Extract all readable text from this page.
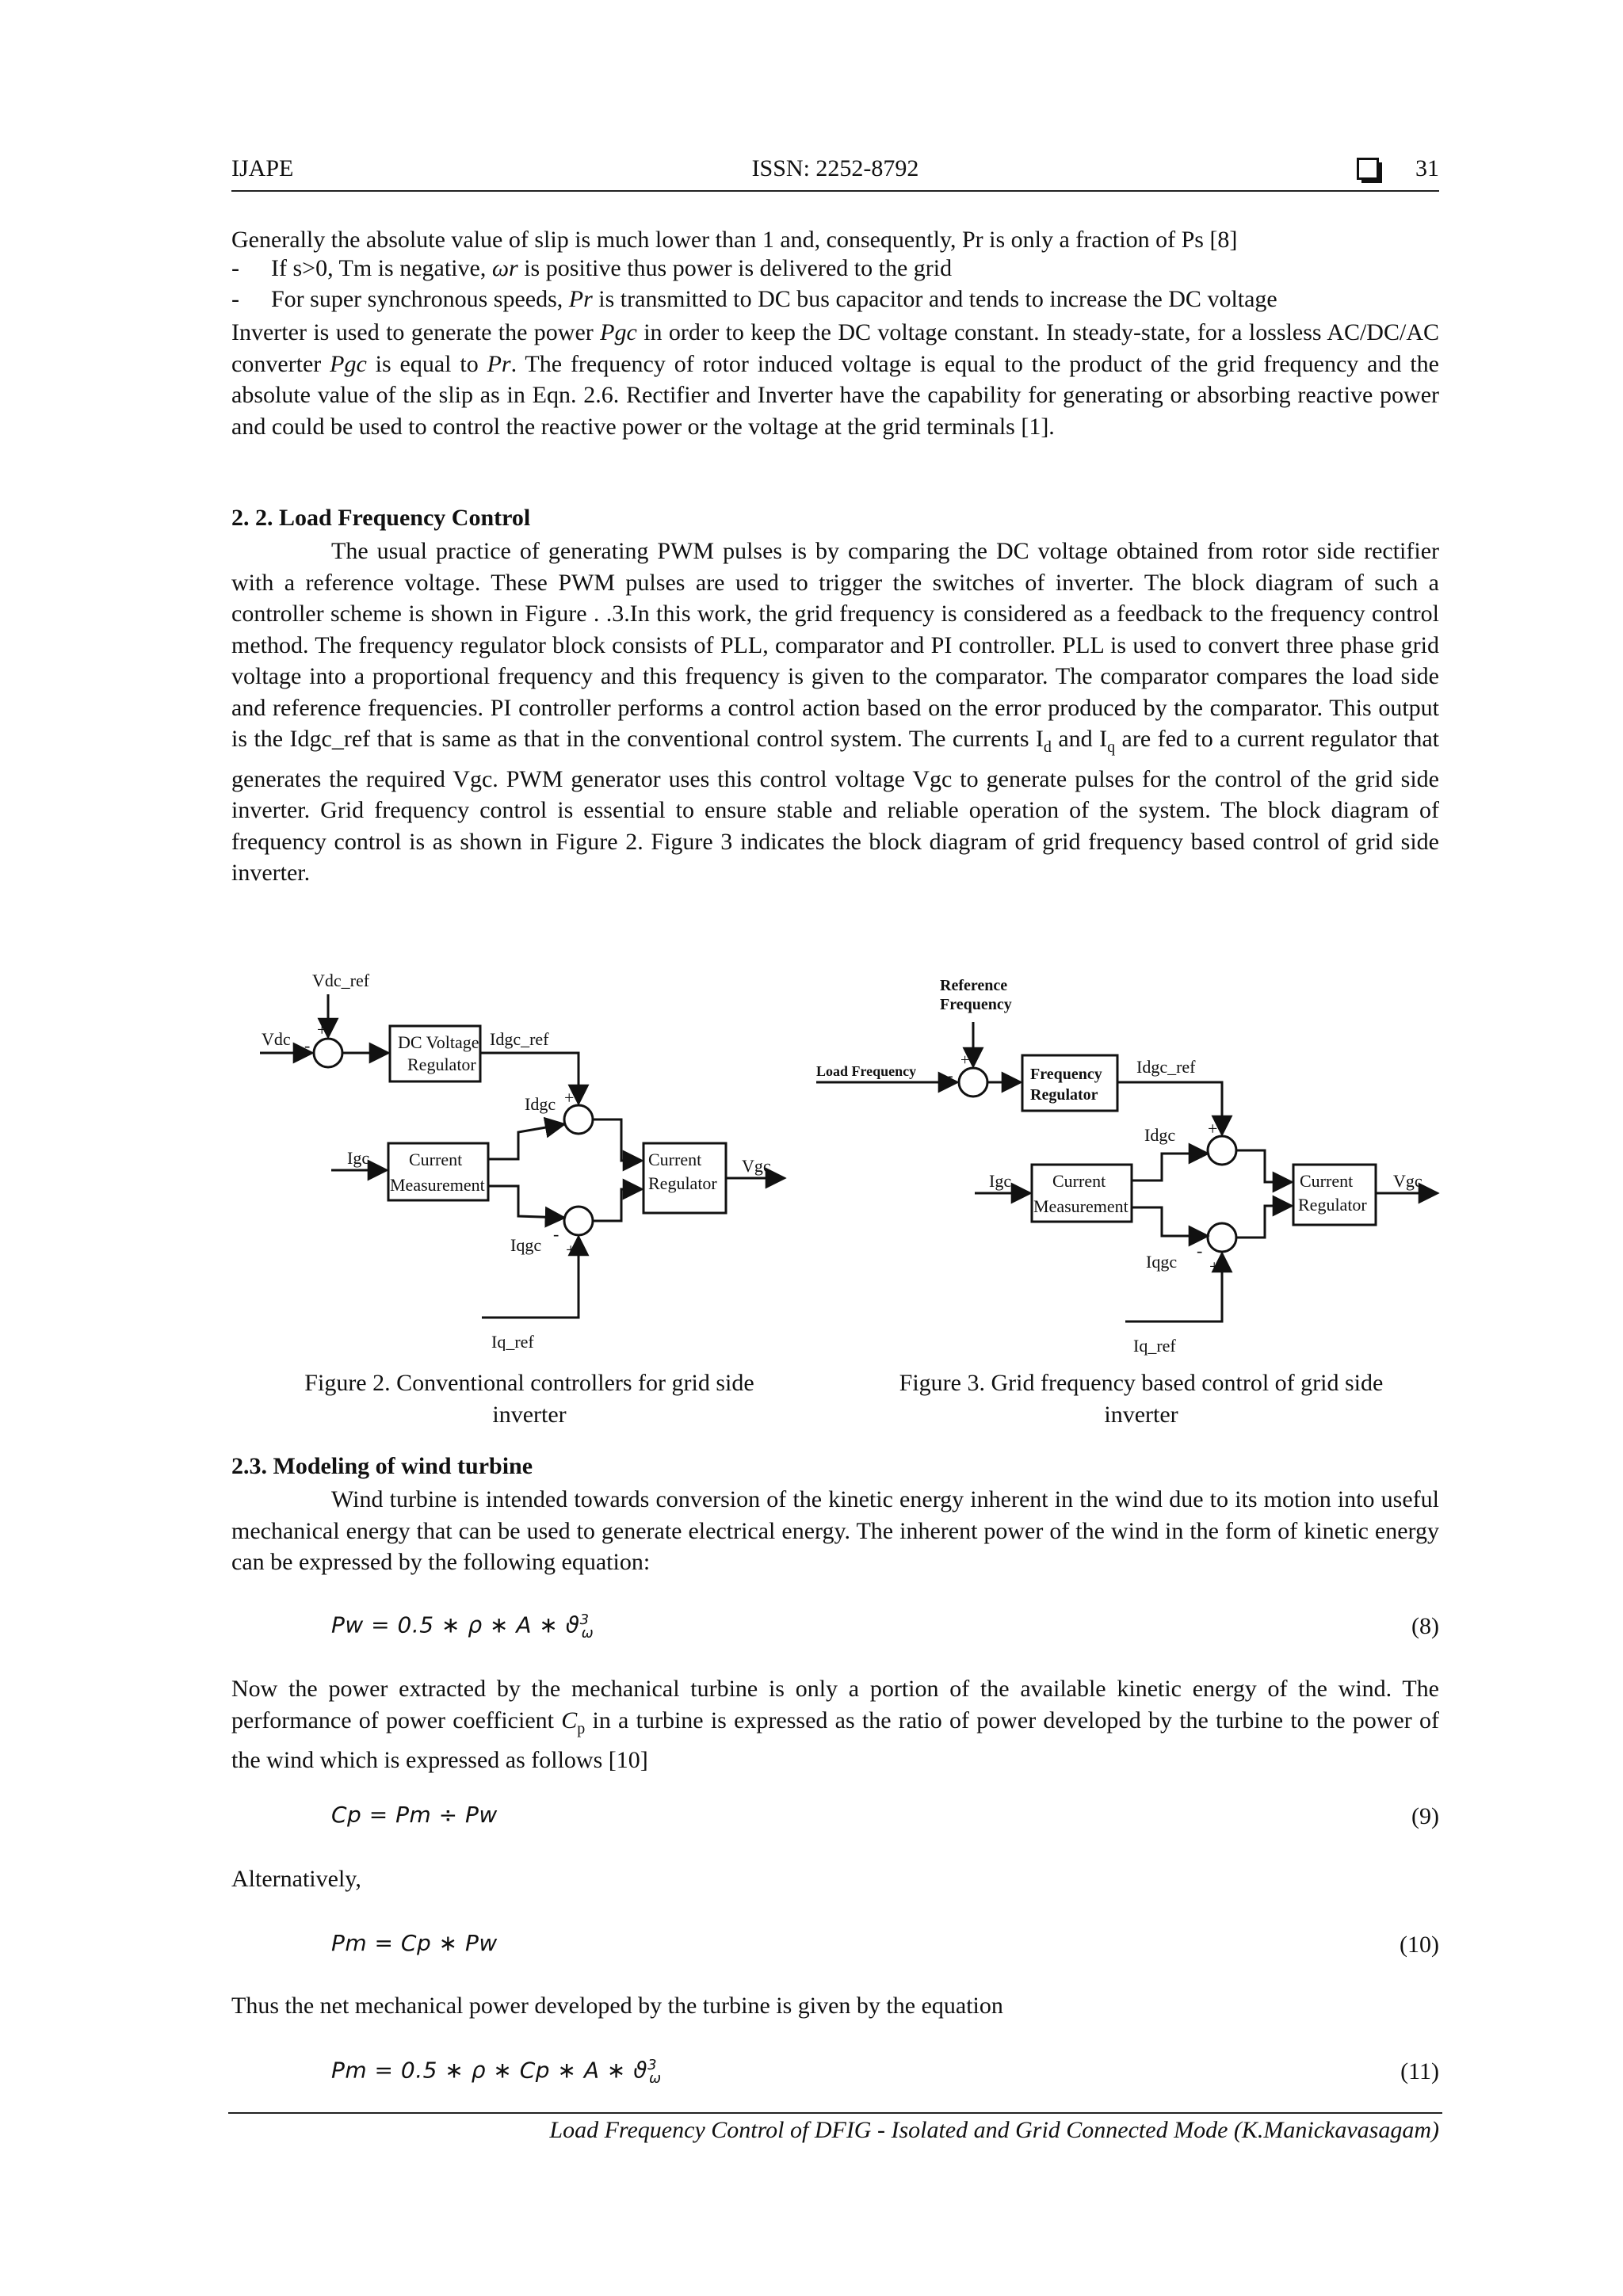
IJAPE	ISSN: 2252-8792	31
Generally the absolute value of slip is much lower than 1 and, consequently, Pr is only a fraction of Ps [8]
- If s>0, Tm is negative, ωr is positive thus power is delivered to the grid
- For super synchronous speeds, Pr is transmitted to DC bus capacitor and tends to increase the DC voltage

Inverter is used to generate the power Pgc in order to keep the DC voltage constant. In steady-state, for a lossless AC/DC/AC converter Pgc is equal to Pr. The frequency of rotor induced voltage is equal to the product of the grid frequency and the absolute value of the slip as in Eqn. 2.6. Rectifier and Inverter have the capability for generating or absorbing reactive power and could be used to control the reactive power or the voltage at the grid terminals [1].

2. 2. Load Frequency Control

The usual practice of generating PWM pulses is by comparing the DC voltage obtained from rotor side rectifier with a reference voltage. These PWM pulses are used to trigger the switches of inverter. The block diagram of such a controller scheme is shown in Figure . .3.In this work, the grid frequency is considered as a feedback to the frequency control method. The frequency regulator block consists of PLL, comparator and PI controller. PLL is used to convert three phase grid voltage into a proportional frequency and this frequency is given to the comparator. The comparator compares the load side and reference frequencies. PI controller performs a control action based on the error produced by the comparator. This output is the Idgc_ref that is same as that in the conventional control system. The currents $I_d$ and $I_q$ are fed to a current regulator that generates the required Vgc. PWM generator uses this control voltage Vgc to generate pulses for the control of the grid side inverter. Grid frequency control is essential to ensure stable and reliable operation of the system. The block diagram of frequency control is as shown in Figure 2. Figure 3 indicates the block diagram of grid frequency based control of grid side inverter.

Vdc_ref
+
-
Vdc	DC Voltage
Regulator
Idgc_ref
Idgc +
-
Igc Current
Measurement
Current
Regulator
Vgc
Iqgc
-
+
Iq_ref
Figure 2. Conventional controllers for grid side
inverter
Reference
Frequency
+
-
Load Frequency	Frequency
Regulator
Idgc_ref
Idgc +
-
Igc Current
Measurement
Current
Regulator
Vgc
Iqgc
-
+
Iq_ref
Figure 3. Grid frequency based control of grid side
inverter
2.3. Modeling of wind turbine

Wind turbine is intended towards conversion of the kinetic energy inherent in the wind due to its motion into useful mechanical energy that can be used to generate electrical energy. The inherent power of the wind in the form of kinetic energy can be expressed by the following equation:

Pw = 0.5 ∗ ρ ∗ A ∗ $ϑ^3_\omega$	(8)

Now the power extracted by the mechanical turbine is only a portion of the available kinetic energy of the wind. The performance of power coefficient $C_p$ in a turbine is expressed as the ratio of power developed by the turbine to the power of the wind which is expressed as follows [10]

Cp = Pm ÷ Pw	(9)
Alternatively,
Pm = Cp ∗ Pw	(10)
Thus the net mechanical power developed by the turbine is given by the equation
Pm = 0.5 ∗ ρ ∗ Cp ∗ A ∗ $ϑ^3_\omega$	(11)
Load Frequency Control of DFIG - Isolated and Grid Connected Mode (K.Manickavasagam)
